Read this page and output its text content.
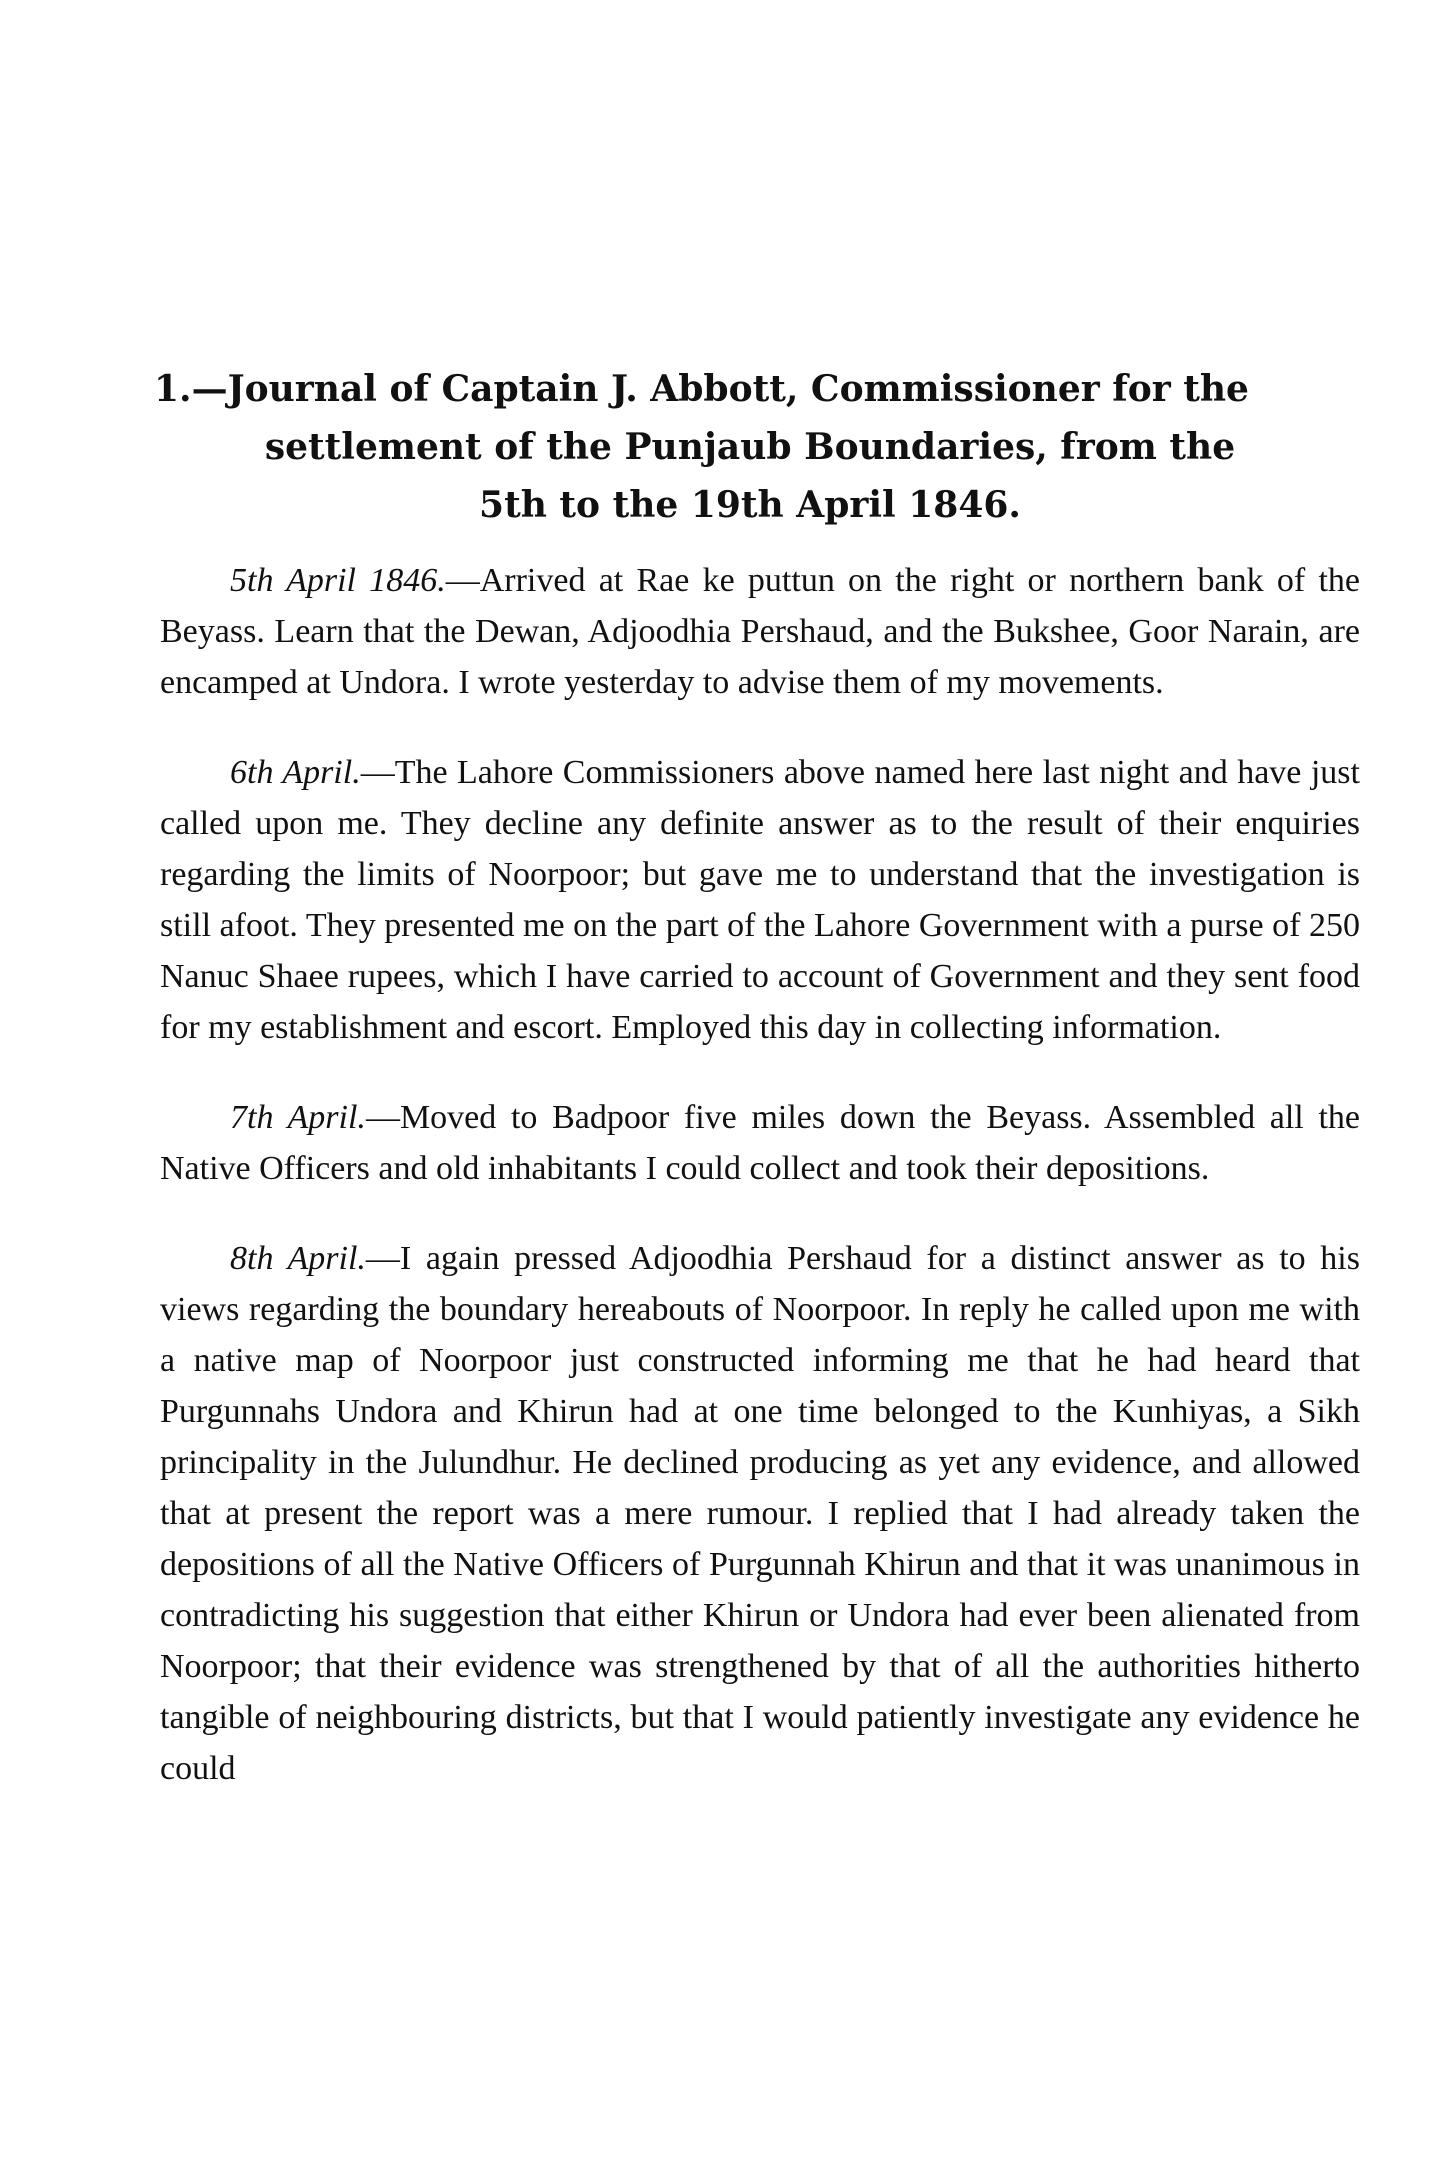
1.—Journal of Captain J. Abbott, Commissioner for the
settlement of the Punjaub Boundaries, from the
5th to the 19th April 1846.

5th April 1846.—Arrived at Rae ke puttun on the right or northern bank of the Beyass. Learn that the Dewan, Adjoodhia Pershaud, and the Bukshee, Goor Narain, are encamped at Undora. I wrote yesterday to advise them of my movements.

6th April.—The Lahore Commissioners above named here last night and have just called upon me. They decline any definite answer as to the result of their enquiries regarding the limits of Noorpoor; but gave me to understand that the investigation is still afoot. They presented me on the part of the Lahore Government with a purse of 250 Nanuc Shaee rupees, which I have carried to account of Government and they sent food for my establishment and escort. Employed this day in collecting information.

7th April.—Moved to Badpoor five miles down the Beyass. Assembled all the Native Officers and old inhabitants I could collect and took their depositions.

8th April.—I again pressed Adjoodhia Pershaud for a distinct answer as to his views regarding the boundary hereabouts of Noorpoor. In reply he called upon me with a native map of Noorpoor just constructed informing me that he had heard that Purgunnahs Undora and Khirun had at one time belonged to the Kunhiyas, a Sikh principality in the Julundhur. He declined producing as yet any evidence, and allowed that at present the report was a mere rumour. I replied that I had already taken the depositions of all the Native Officers of Purgunnah Khirun and that it was unanimous in contradicting his suggestion that either Khirun or Undora had ever been alienated from Noorpoor; that their evidence was strengthened by that of all the authorities hitherto tangible of neighbouring districts, but that I would patiently investigate any evidence he could
